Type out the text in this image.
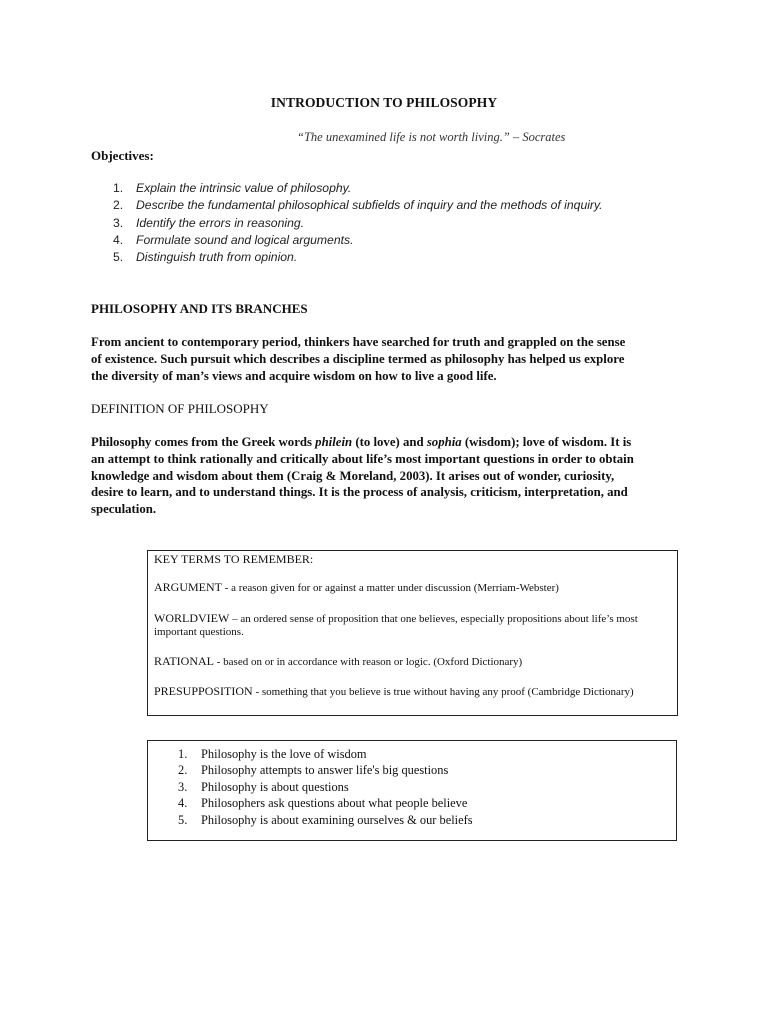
INTRODUCTION TO PHILOSOPHY
“The unexamined life is not worth living.” – Socrates
Objectives:
1. Explain the intrinsic value of philosophy.
2. Describe the fundamental philosophical subfields of inquiry and the methods of inquiry.
3. Identify the errors in reasoning.
4. Formulate sound and logical arguments.
5. Distinguish truth from opinion.
PHILOSOPHY AND ITS BRANCHES
From ancient to contemporary period, thinkers have searched for truth and grappled on the sense
of existence. Such pursuit which describes a discipline termed as philosophy has helped us explore
the diversity of man’s views and acquire wisdom on how to live a good life.
DEFINITION OF PHILOSOPHY
Philosophy comes from the Greek words philein (to love) and sophia (wisdom); love of wisdom. It is
an attempt to think rationally and critically about life’s most important questions in order to obtain
knowledge and wisdom about them (Craig & Moreland, 2003). It arises out of wonder, curiosity,
desire to learn, and to understand things. It is the process of analysis, criticism, interpretation, and
speculation.

KEY TERMS TO REMEMBER:

ARGUMENT - a reason given for or against a matter under discussion (Merriam-Webster)

WORLDVIEW – an ordered sense of proposition that one believes, especially propositions about life’s most important questions.

RATIONAL - based on or in accordance with reason or logic. (Oxford Dictionary)

PRESUPPOSITION - something that you believe is true without having any proof (Cambridge Dictionary)

1. Philosophy is the love of wisdom
2. Philosophy attempts to answer life's big questions
3. Philosophy is about questions
4. Philosophers ask questions about what people believe
5. Philosophy is about examining ourselves & our beliefs
